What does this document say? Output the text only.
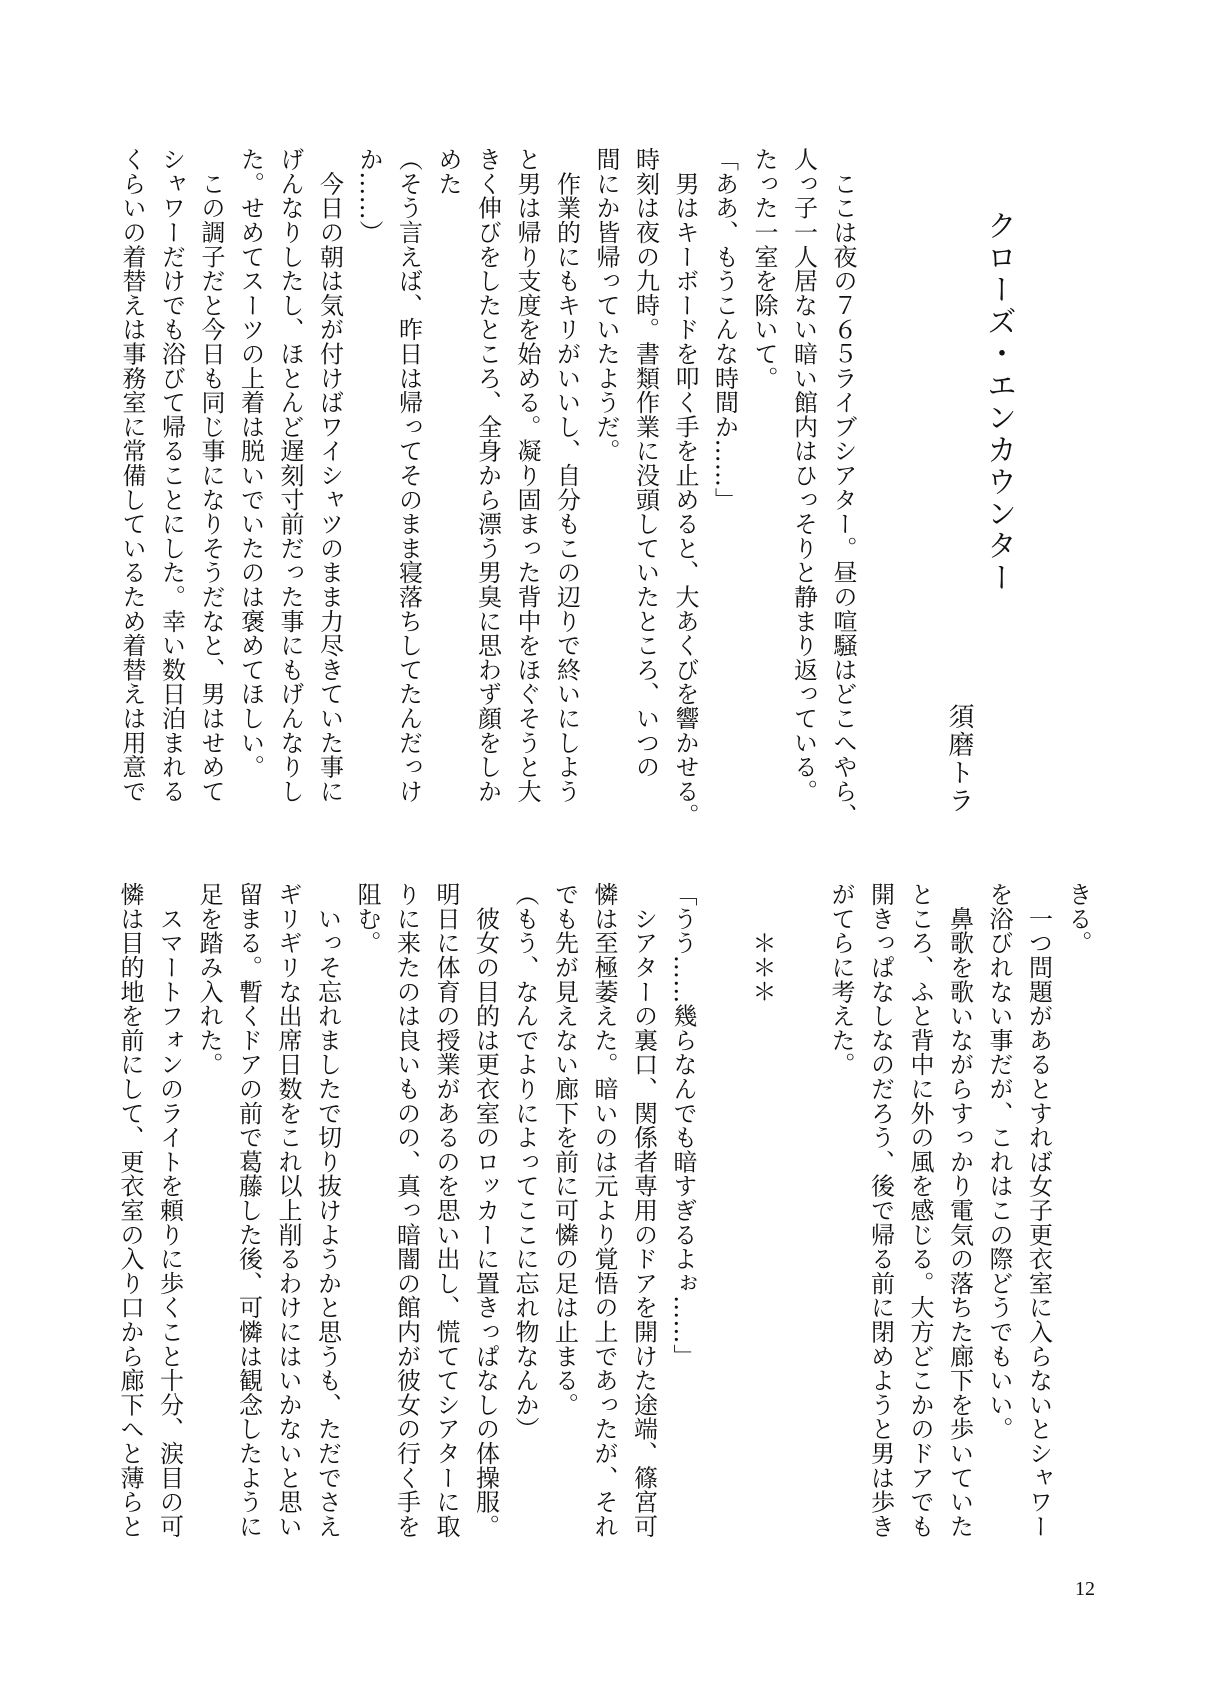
クローズ・エンカウンター
須磨トラ
　ここは夜の７６５ライブシアター。昼の喧騒はどこへやら、
人っ子一人居ない暗い館内はひっそりと静まり返っている。
たった一室を除いて。
「ああ、もうこんな時間か……」
　男はキーボードを叩く手を止めると、大あくびを響かせる。
時刻は夜の九時。書類作業に没頭していたところ、いつの
間にか皆帰っていたようだ。
　作業的にもキリがいいし、自分もこの辺りで終いにしよう
と男は帰り支度を始める。凝り固まった背中をほぐそうと大
きく伸びをしたところ、全身から漂う男臭に思わず顔をしか
めた
（そう言えば、昨日は帰ってそのまま寝落ちしてたんだっけ
か……）
　今日の朝は気が付けばワイシャツのまま力尽きていた事に
げんなりしたし、ほとんど遅刻寸前だった事にもげんなりし
た。せめてスーツの上着は脱いでいたのは褒めてほしい。
　この調子だと今日も同じ事になりそうだなと、男はせめて
シャワーだけでも浴びて帰ることにした。幸い数日泊まれる
くらいの着替えは事務室に常備しているため着替えは用意で
きる。
　一つ問題があるとすれば女子更衣室に入らないとシャワー
を浴びれない事だが、これはこの際どうでもいい。
　鼻歌を歌いながらすっかり電気の落ちた廊下を歩いていた
ところ、ふと背中に外の風を感じる。大方どこかのドアでも
開きっぱなしなのだろう、後で帰る前に閉めようと男は歩き
がてらに考えた。
　　＊＊＊
「うう……幾らなんでも暗すぎるよぉ……」
　シアターの裏口、関係者専用のドアを開けた途端、篠宮可
憐は至極萎えた。暗いのは元より覚悟の上であったが、それ
でも先が見えない廊下を前に可憐の足は止まる。
（もう、なんでよりによってここに忘れ物なんか）
　彼女の目的は更衣室のロッカーに置きっぱなしの体操服。
明日に体育の授業があるのを思い出し、慌ててシアターに取
りに来たのは良いものの、真っ暗闇の館内が彼女の行く手を
阻む。
　いっそ忘れましたで切り抜けようかと思うも、ただでさえ
ギリギリな出席日数をこれ以上削るわけにはいかないと思い
留まる。暫くドアの前で葛藤した後、可憐は観念したように
足を踏み入れた。
　スマートフォンのライトを頼りに歩くこと十分、涙目の可
憐は目的地を前にして、更衣室の入り口から廊下へと薄らと
12
